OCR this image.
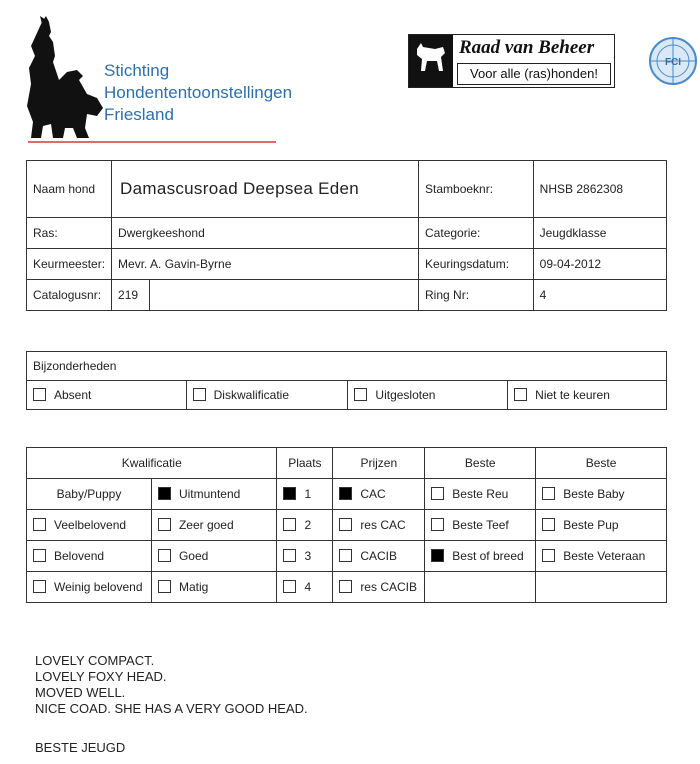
Stichting
Hondententoonstellingen
Friesland
Raad van Beheer
Voor alle (ras)honden!
FCI
Naam hond	Damascusroad Deepsea Eden		Stamboeknr:	NHSB 2862308
Ras:	Dwergkeeshond		Categorie:	Jeugdklasse
Keurmeester:	Mevr. A. Gavin-Byrne		Keuringsdatum:	09-04-2012
Catalogusnr:	219		Ring Nr:	4
Bijzonderheden
Absent	Diskwalificatie	Uitgesloten	Niet te keuren
Kwalificatie		Plaats	Prijzen	Beste	Beste
Baby/Puppy	Uitmuntend	1	CAC	Beste Reu	Beste Baby
Veelbelovend	Zeer goed	2	res CAC	Beste Teef	Beste Pup
Belovend	Goed	3	CACIB	Best of breed	Beste Veteraan
Weinig belovend	Matig	4	res CACIB		
LOVELY COMPACT.
LOVELY FOXY HEAD.
MOVED WELL.
NICE COAD. SHE HAS A VERY GOOD HEAD.
BESTE JEUGD
